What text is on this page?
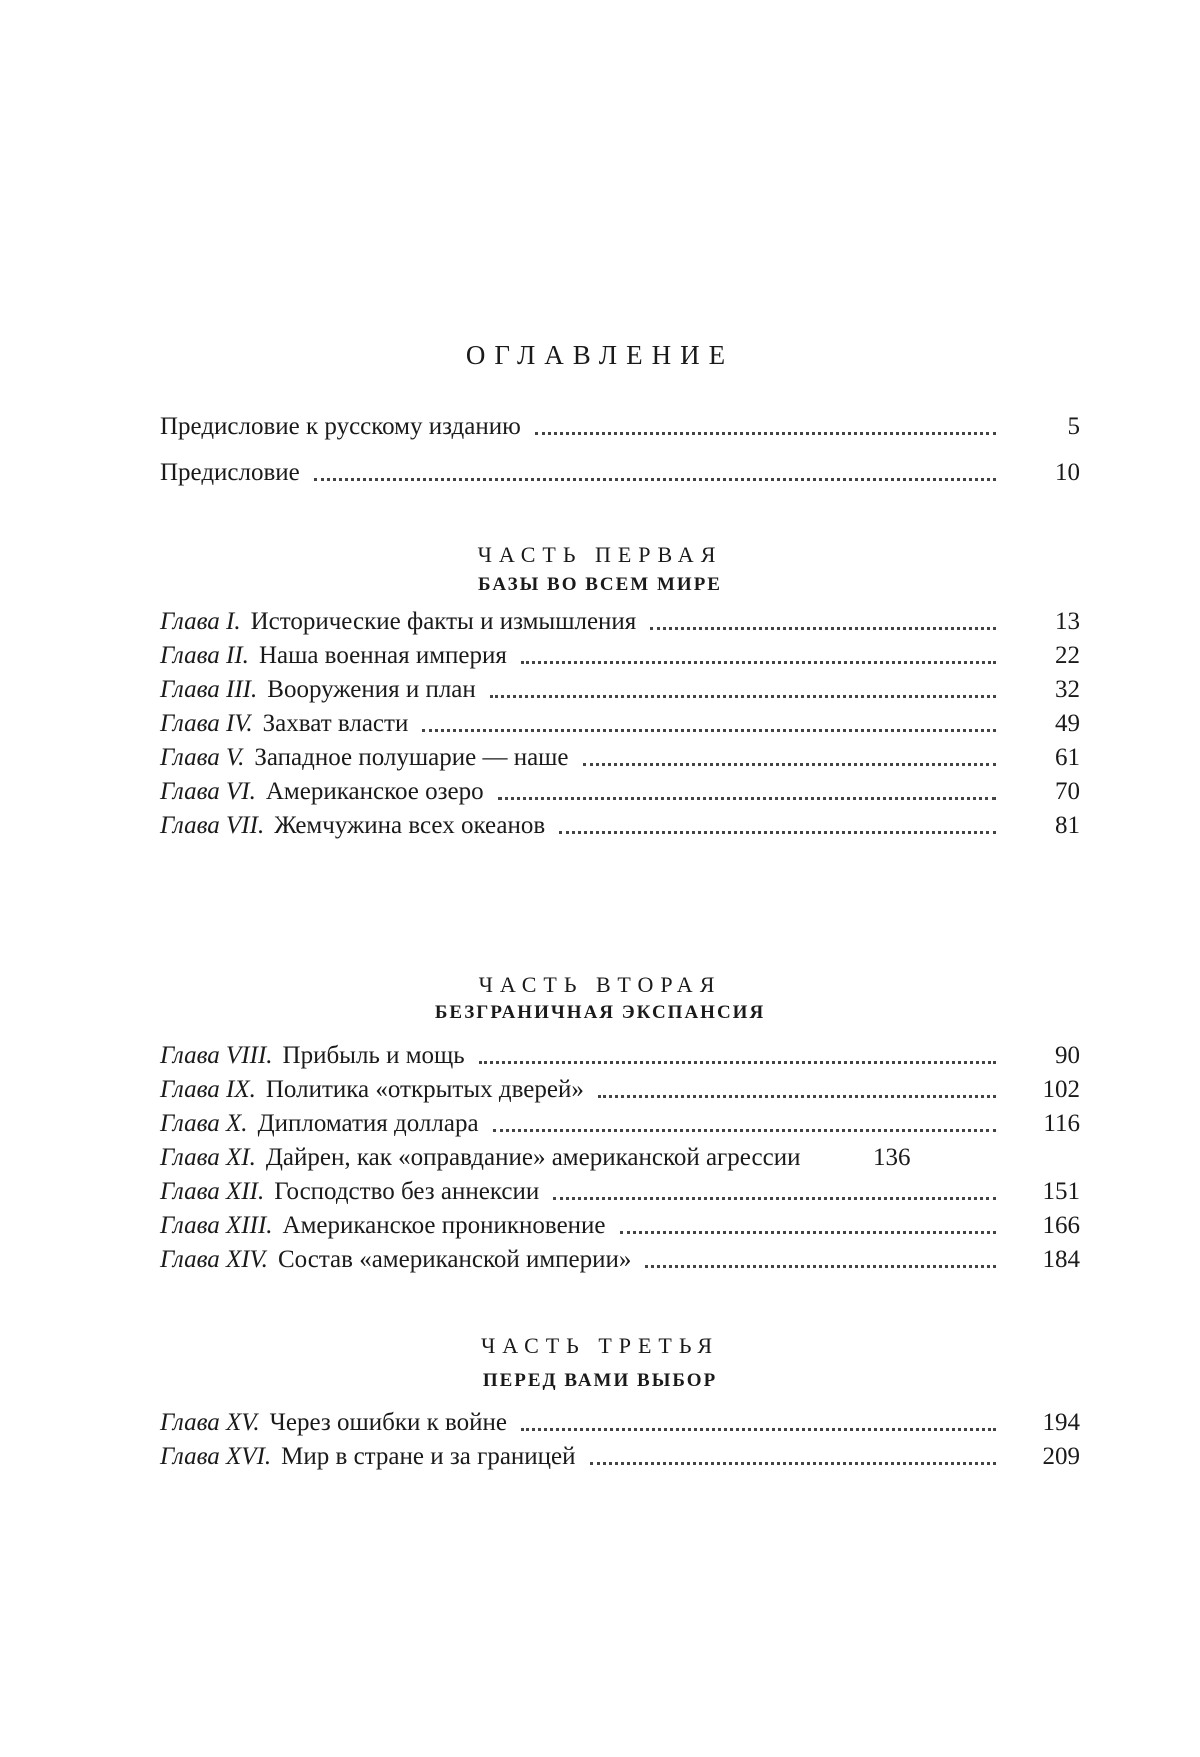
ОГЛАВЛЕНИЕ
Предисловие к русскому изданию	5
Предисловие	10
ЧАСТЬ ПЕРВАЯ
БАЗЫ ВО ВСЕМ МИРЕ
Глава I. Исторические факты и измышления	13
Глава II. Наша военная империя	22
Глава III. Вооружения и план	32
Глава IV. Захват власти	49
Глава V. Западное полушарие — наше	61
Глава VI. Американское озеро	70
Глава VII. Жемчужина всех океанов	81
ЧАСТЬ ВТОРАЯ
БЕЗГРАНИЧНАЯ ЭКСПАНСИЯ
Глава VIII. Прибыль и мощь	90
Глава IX. Политика «открытых дверей»	102
Глава X. Дипломатия доллара	116
Глава XI. Дайрен, как «оправдание» американской агрессии	136
Глава XII. Господство без аннексии	151
Глава XIII. Американское проникновение	166
Глава XIV. Состав «американской империи»	184
ЧАСТЬ ТРЕТЬЯ
ПЕРЕД ВАМИ ВЫБОР
Глава XV. Через ошибки к войне	194
Глава XVI. Мир в стране и за границей	209
